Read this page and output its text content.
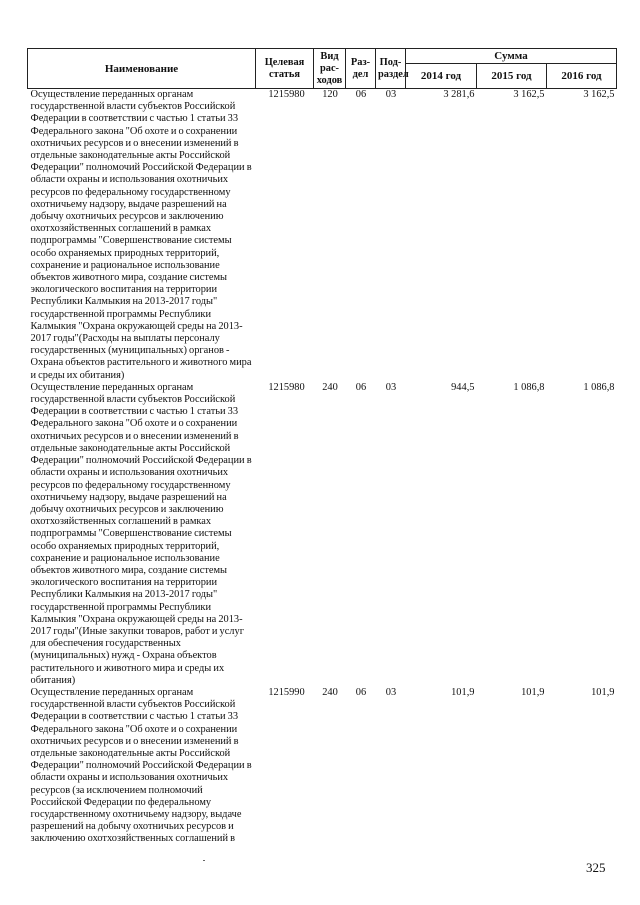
Наименование	Целевая статья	Вид рас-ходов	Раз-дел	Под-раздел	Сумма		
					2014 год	2015 год	2016 год
Осуществление переданных органам государственной власти субъектов Российской Федерации в соответствии с частью 1 статьи 33 Федерального закона "Об охоте и о сохранении охотничьих ресурсов и о внесении изменений в отдельные законодательные акты Российской Федерации" полномочий Российской Федерации в области охраны и использования охотничьих ресурсов по федеральному государственному охотничьему надзору, выдаче разрешений на добычу охотничьих ресурсов и заключению охотхозяйственных соглашений в рамках подпрограммы "Совершенствование системы особо охраняемых природных территорий, сохранение и рациональное использование объектов животного мира, создание системы экологического воспитания на территории Республики Калмыкия на 2013-2017 годы" государственной программы Республики Калмыкия "Охрана окружающей среды на 2013-2017 годы"(Расходы на выплаты персоналу государственных (муниципальных) органов - Охрана объектов растительного и животного мира и среды их обитания)	1215980	120	06	03	3 281,6	3 162,5	3 162,5
Осуществление переданных органам государственной власти субъектов Российской Федерации в соответствии с частью 1 статьи 33 Федерального закона "Об охоте и о сохранении охотничьих ресурсов и о внесении изменений в отдельные законодательные акты Российской Федерации" полномочий Российской Федерации в области охраны и использования охотничьих ресурсов по федеральному государственному охотничьему надзору, выдаче разрешений на добычу охотничьих ресурсов и заключению охотхозяйственных соглашений в рамках подпрограммы "Совершенствование системы особо охраняемых природных территорий, сохранение и рациональное использование объектов животного мира, создание системы экологического воспитания на территории Республики Калмыкия на 2013-2017 годы" государственной программы Республики Калмыкия "Охрана окружающей среды на 2013-2017 годы"(Иные закупки товаров, работ и услуг для обеспечения государственных (муниципальных) нужд - Охрана объектов растительного и животного мира и среды их обитания)	1215980	240	06	03	944,5	1 086,8	1 086,8
Осуществление переданных органам государственной власти субъектов Российской Федерации в соответствии с частью 1 статьи 33 Федерального закона "Об охоте и о сохранении охотничьих ресурсов и о внесении изменений в отдельные законодательные акты Российской Федерации" полномочий Российской Федерации в области охраны и использования охотничьих ресурсов (за исключением полномочий Российской Федерации по федеральному государственному охотничьему надзору, выдаче разрешений на добычу охотничьих ресурсов и заключению охотхозяйственных соглашений в	1215990	240	06	03	101,9	101,9	101,9
325
